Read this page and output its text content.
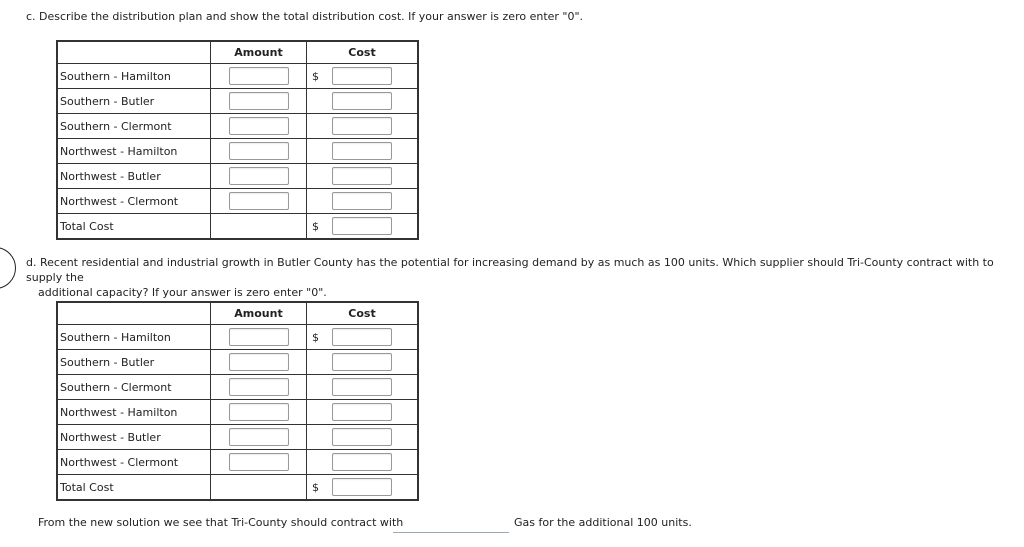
c. Describe the distribution plan and show the total distribution cost. If your answer is zero enter "0".
	Amount	Cost
Southern - Hamilton		$
Southern - Butler		
Southern - Clermont		
Northwest - Hamilton		
Northwest - Butler		
Northwest - Clermont		
Total Cost		$
d. Recent residential and industrial growth in Butler County has the potential for increasing demand by as much as 100 units. Which supplier should Tri-County contract with to supply the
additional capacity? If your answer is zero enter "0".
	Amount	Cost
Southern - Hamilton		$
Southern - Butler		
Southern - Clermont		
Northwest - Hamilton		
Northwest - Butler		
Northwest - Clermont		
Total Cost		$
From the new solution we see that Tri-County should contract with	Gas for the additional 100 units.
